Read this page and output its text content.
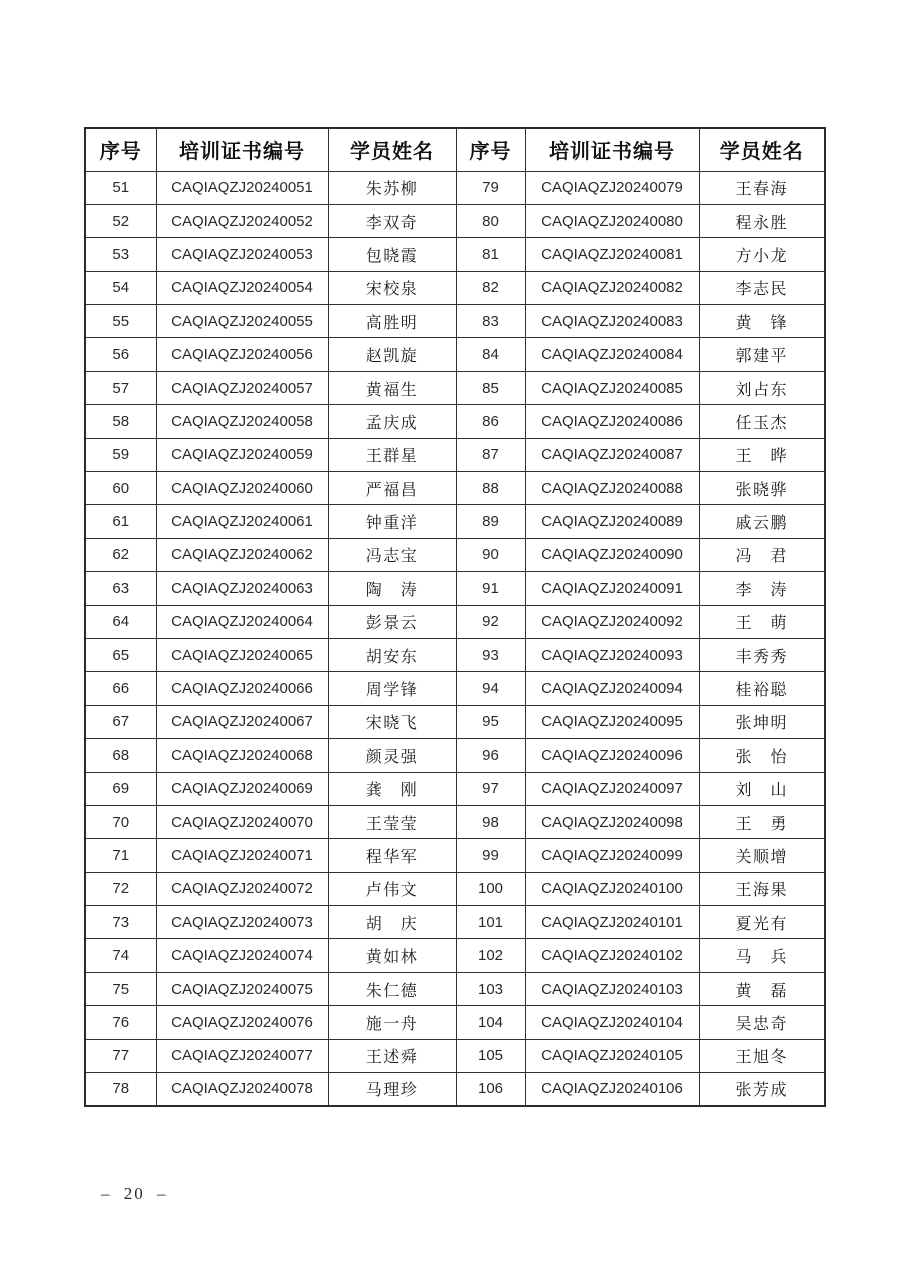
序号	培训证书编号	学员姓名	序号	培训证书编号	学员姓名
51	CAQIAQZJ20240051	朱苏柳	79	CAQIAQZJ20240079	王春海
52	CAQIAQZJ20240052	李双奇	80	CAQIAQZJ20240080	程永胜
53	CAQIAQZJ20240053	包晓霞	81	CAQIAQZJ20240081	方小龙
54	CAQIAQZJ20240054	宋校泉	82	CAQIAQZJ20240082	李志民
55	CAQIAQZJ20240055	高胜明	83	CAQIAQZJ20240083	黄　锋
56	CAQIAQZJ20240056	赵凯旋	84	CAQIAQZJ20240084	郭建平
57	CAQIAQZJ20240057	黄福生	85	CAQIAQZJ20240085	刘占东
58	CAQIAQZJ20240058	孟庆成	86	CAQIAQZJ20240086	任玉杰
59	CAQIAQZJ20240059	王群星	87	CAQIAQZJ20240087	王　晔
60	CAQIAQZJ20240060	严福昌	88	CAQIAQZJ20240088	张晓骅
61	CAQIAQZJ20240061	钟重洋	89	CAQIAQZJ20240089	戚云鹏
62	CAQIAQZJ20240062	冯志宝	90	CAQIAQZJ20240090	冯　君
63	CAQIAQZJ20240063	陶　涛	91	CAQIAQZJ20240091	李　涛
64	CAQIAQZJ20240064	彭景云	92	CAQIAQZJ20240092	王　萌
65	CAQIAQZJ20240065	胡安东	93	CAQIAQZJ20240093	丰秀秀
66	CAQIAQZJ20240066	周学锋	94	CAQIAQZJ20240094	桂裕聪
67	CAQIAQZJ20240067	宋晓飞	95	CAQIAQZJ20240095	张坤明
68	CAQIAQZJ20240068	颜灵强	96	CAQIAQZJ20240096	张　怡
69	CAQIAQZJ20240069	龚　刚	97	CAQIAQZJ20240097	刘　山
70	CAQIAQZJ20240070	王莹莹	98	CAQIAQZJ20240098	王　勇
71	CAQIAQZJ20240071	程华军	99	CAQIAQZJ20240099	关顺增
72	CAQIAQZJ20240072	卢伟文	100	CAQIAQZJ20240100	王海果
73	CAQIAQZJ20240073	胡　庆	101	CAQIAQZJ20240101	夏光有
74	CAQIAQZJ20240074	黄如林	102	CAQIAQZJ20240102	马　兵
75	CAQIAQZJ20240075	朱仁德	103	CAQIAQZJ20240103	黄　磊
76	CAQIAQZJ20240076	施一舟	104	CAQIAQZJ20240104	吴忠奇
77	CAQIAQZJ20240077	王述舜	105	CAQIAQZJ20240105	王旭冬
78	CAQIAQZJ20240078	马理珍	106	CAQIAQZJ20240106	张芳成
– 20 –
